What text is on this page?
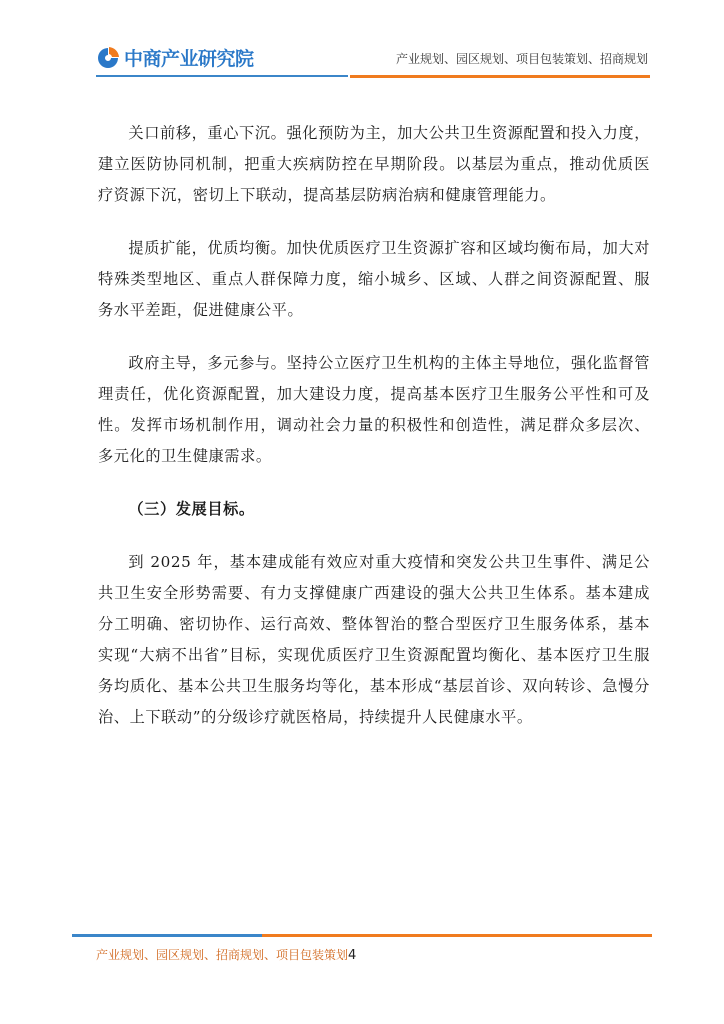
中商产业研究院	产业规划、园区规划、项目包装策划、招商规划

关口前移，重心下沉。强化预防为主，加大公共卫生资源配置和投入力度，建立医防协同机制，把重大疾病防控在早期阶段。以基层为重点，推动优质医疗资源下沉，密切上下联动，提高基层防病治病和健康管理能力。

提质扩能，优质均衡。加快优质医疗卫生资源扩容和区域均衡布局，加大对特殊类型地区、重点人群保障力度，缩小城乡、区域、人群之间资源配置、服务水平差距，促进健康公平。

政府主导，多元参与。坚持公立医疗卫生机构的主体主导地位，强化监督管理责任，优化资源配置，加大建设力度，提高基本医疗卫生服务公平性和可及性。发挥市场机制作用，调动社会力量的积极性和创造性，满足群众多层次、多元化的卫生健康需求。

（三）发展目标。

到 2025 年，基本建成能有效应对重大疫情和突发公共卫生事件、满足公共卫生安全形势需要、有力支撑健康广西建设的强大公共卫生体系。基本建成分工明确、密切协作、运行高效、整体智治的整合型医疗卫生服务体系，基本实现“大病不出省”目标，实现优质医疗卫生资源配置均衡化、基本医疗卫生服务均质化、基本公共卫生服务均等化，基本形成“基层首诊、双向转诊、急慢分治、上下联动”的分级诊疗就医格局，持续提升人民健康水平。

产业规划、园区规划、招商规划、项目包装策划4
